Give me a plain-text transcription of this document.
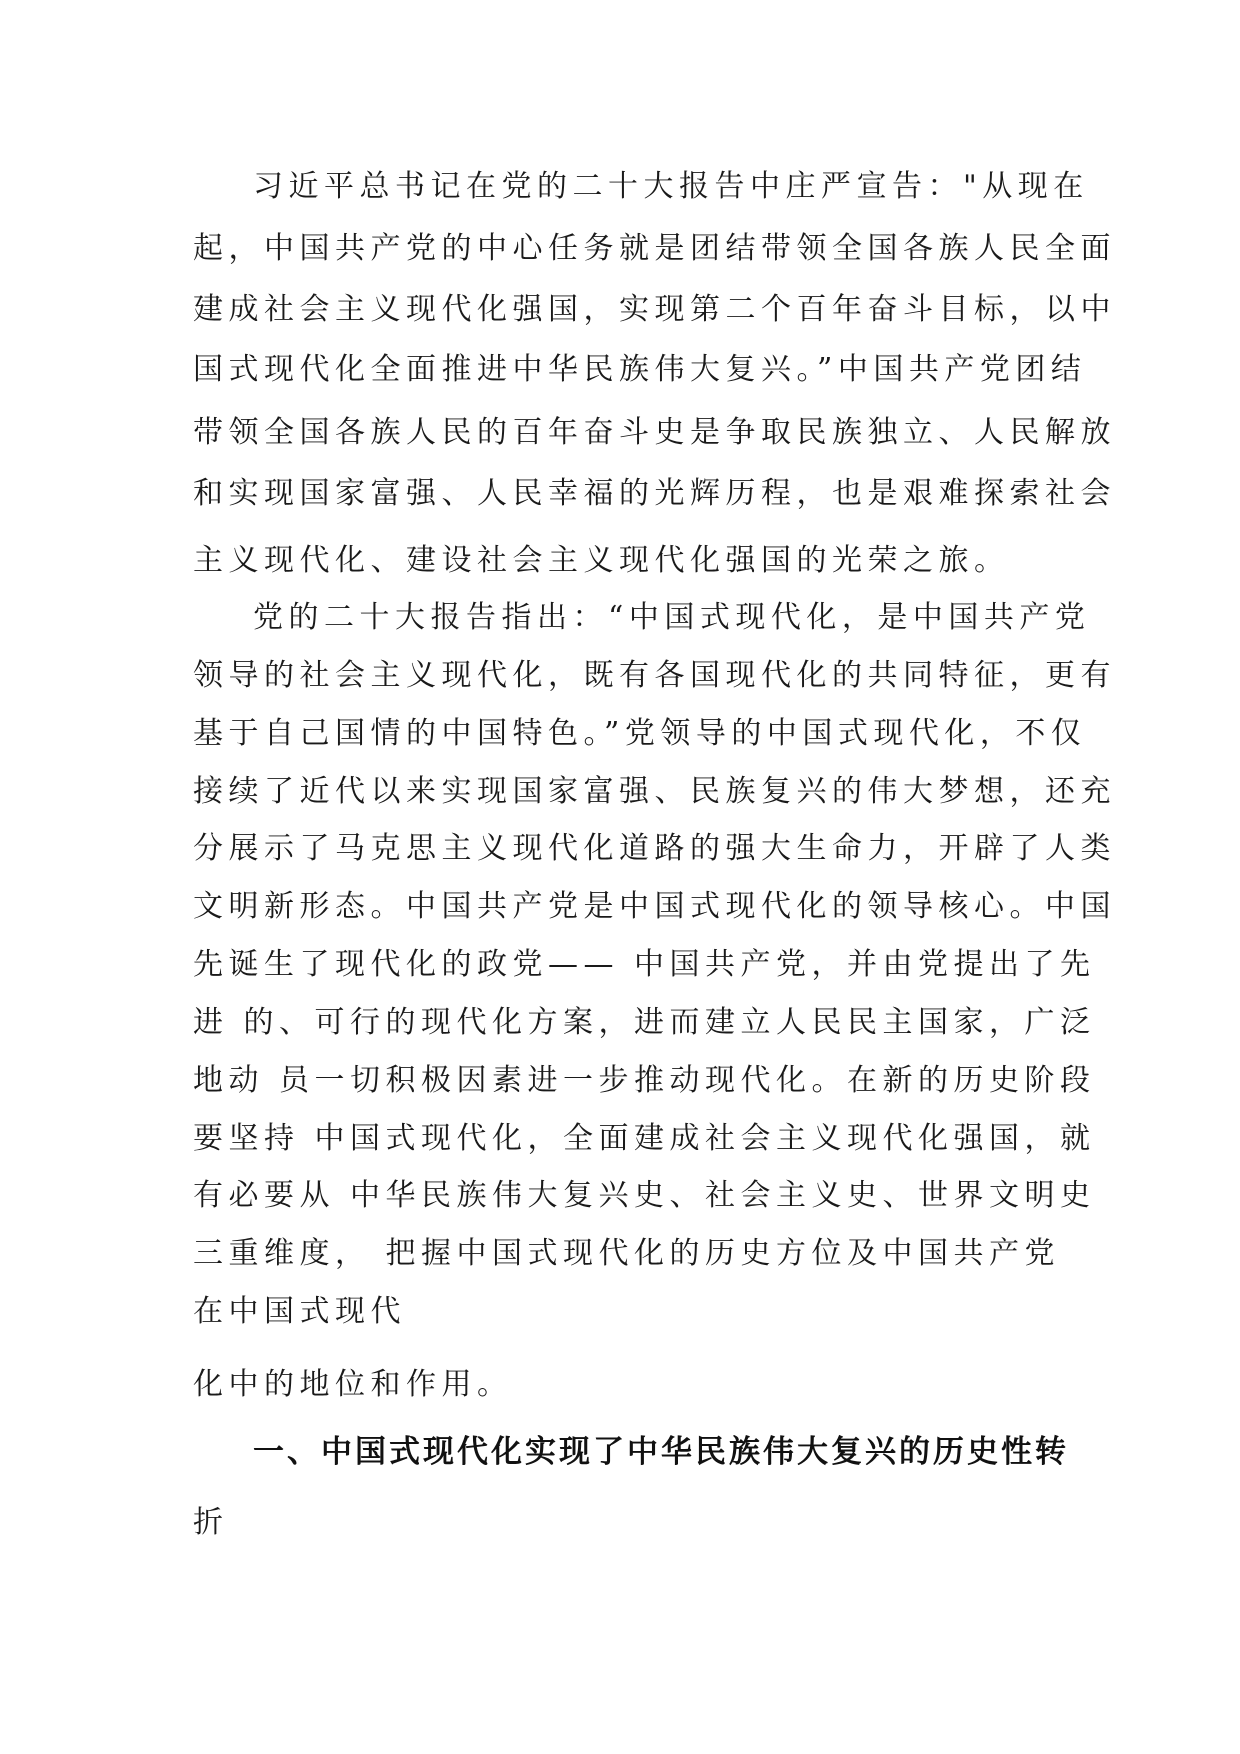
习近平总书记在党的二十大报告中庄严宣告："从现在

起，中国共产党的中心任务就是团结带领全国各族人民全面

建成社会主义现代化强国，实现第二个百年奋斗目标，以中

国式现代化全面推进中华民族伟大复兴。”中国共产党团结

带领全国各族人民的百年奋斗史是争取民族独立、人民解放

和实现国家富强、人民幸福的光辉历程，也是艰难探索社会

主义现代化、建设社会主义现代化强国的光荣之旅。

党的二十大报告指出：“中国式现代化，是中国共产党

领导的社会主义现代化，既有各国现代化的共同特征，更有

基于自己国情的中国特色。”党领导的中国式现代化，不仅

接续了近代以来实现国家富强、民族复兴的伟大梦想，还充

分展示了马克思主义现代化道路的强大生命力，开辟了人类

文明新形态。中国共产党是中国式现代化的领导核心。中国

先诞生了现代化的政党—— 中国共产党，并由党提出了先

进 的、可行的现代化方案，进而建立人民民主国家，广泛

地动 员一切积极因素进一步推动现代化。在新的历史阶段

要坚持 中国式现代化，全面建成社会主义现代化强国，就

有必要从 中华民族伟大复兴史、社会主义史、世界文明史

三重维度， 把握中国式现代化的历史方位及中国共产党

在中国式现代

化中的地位和作用。

一、中国式现代化实现了中华民族伟大复兴的历史性转

折
